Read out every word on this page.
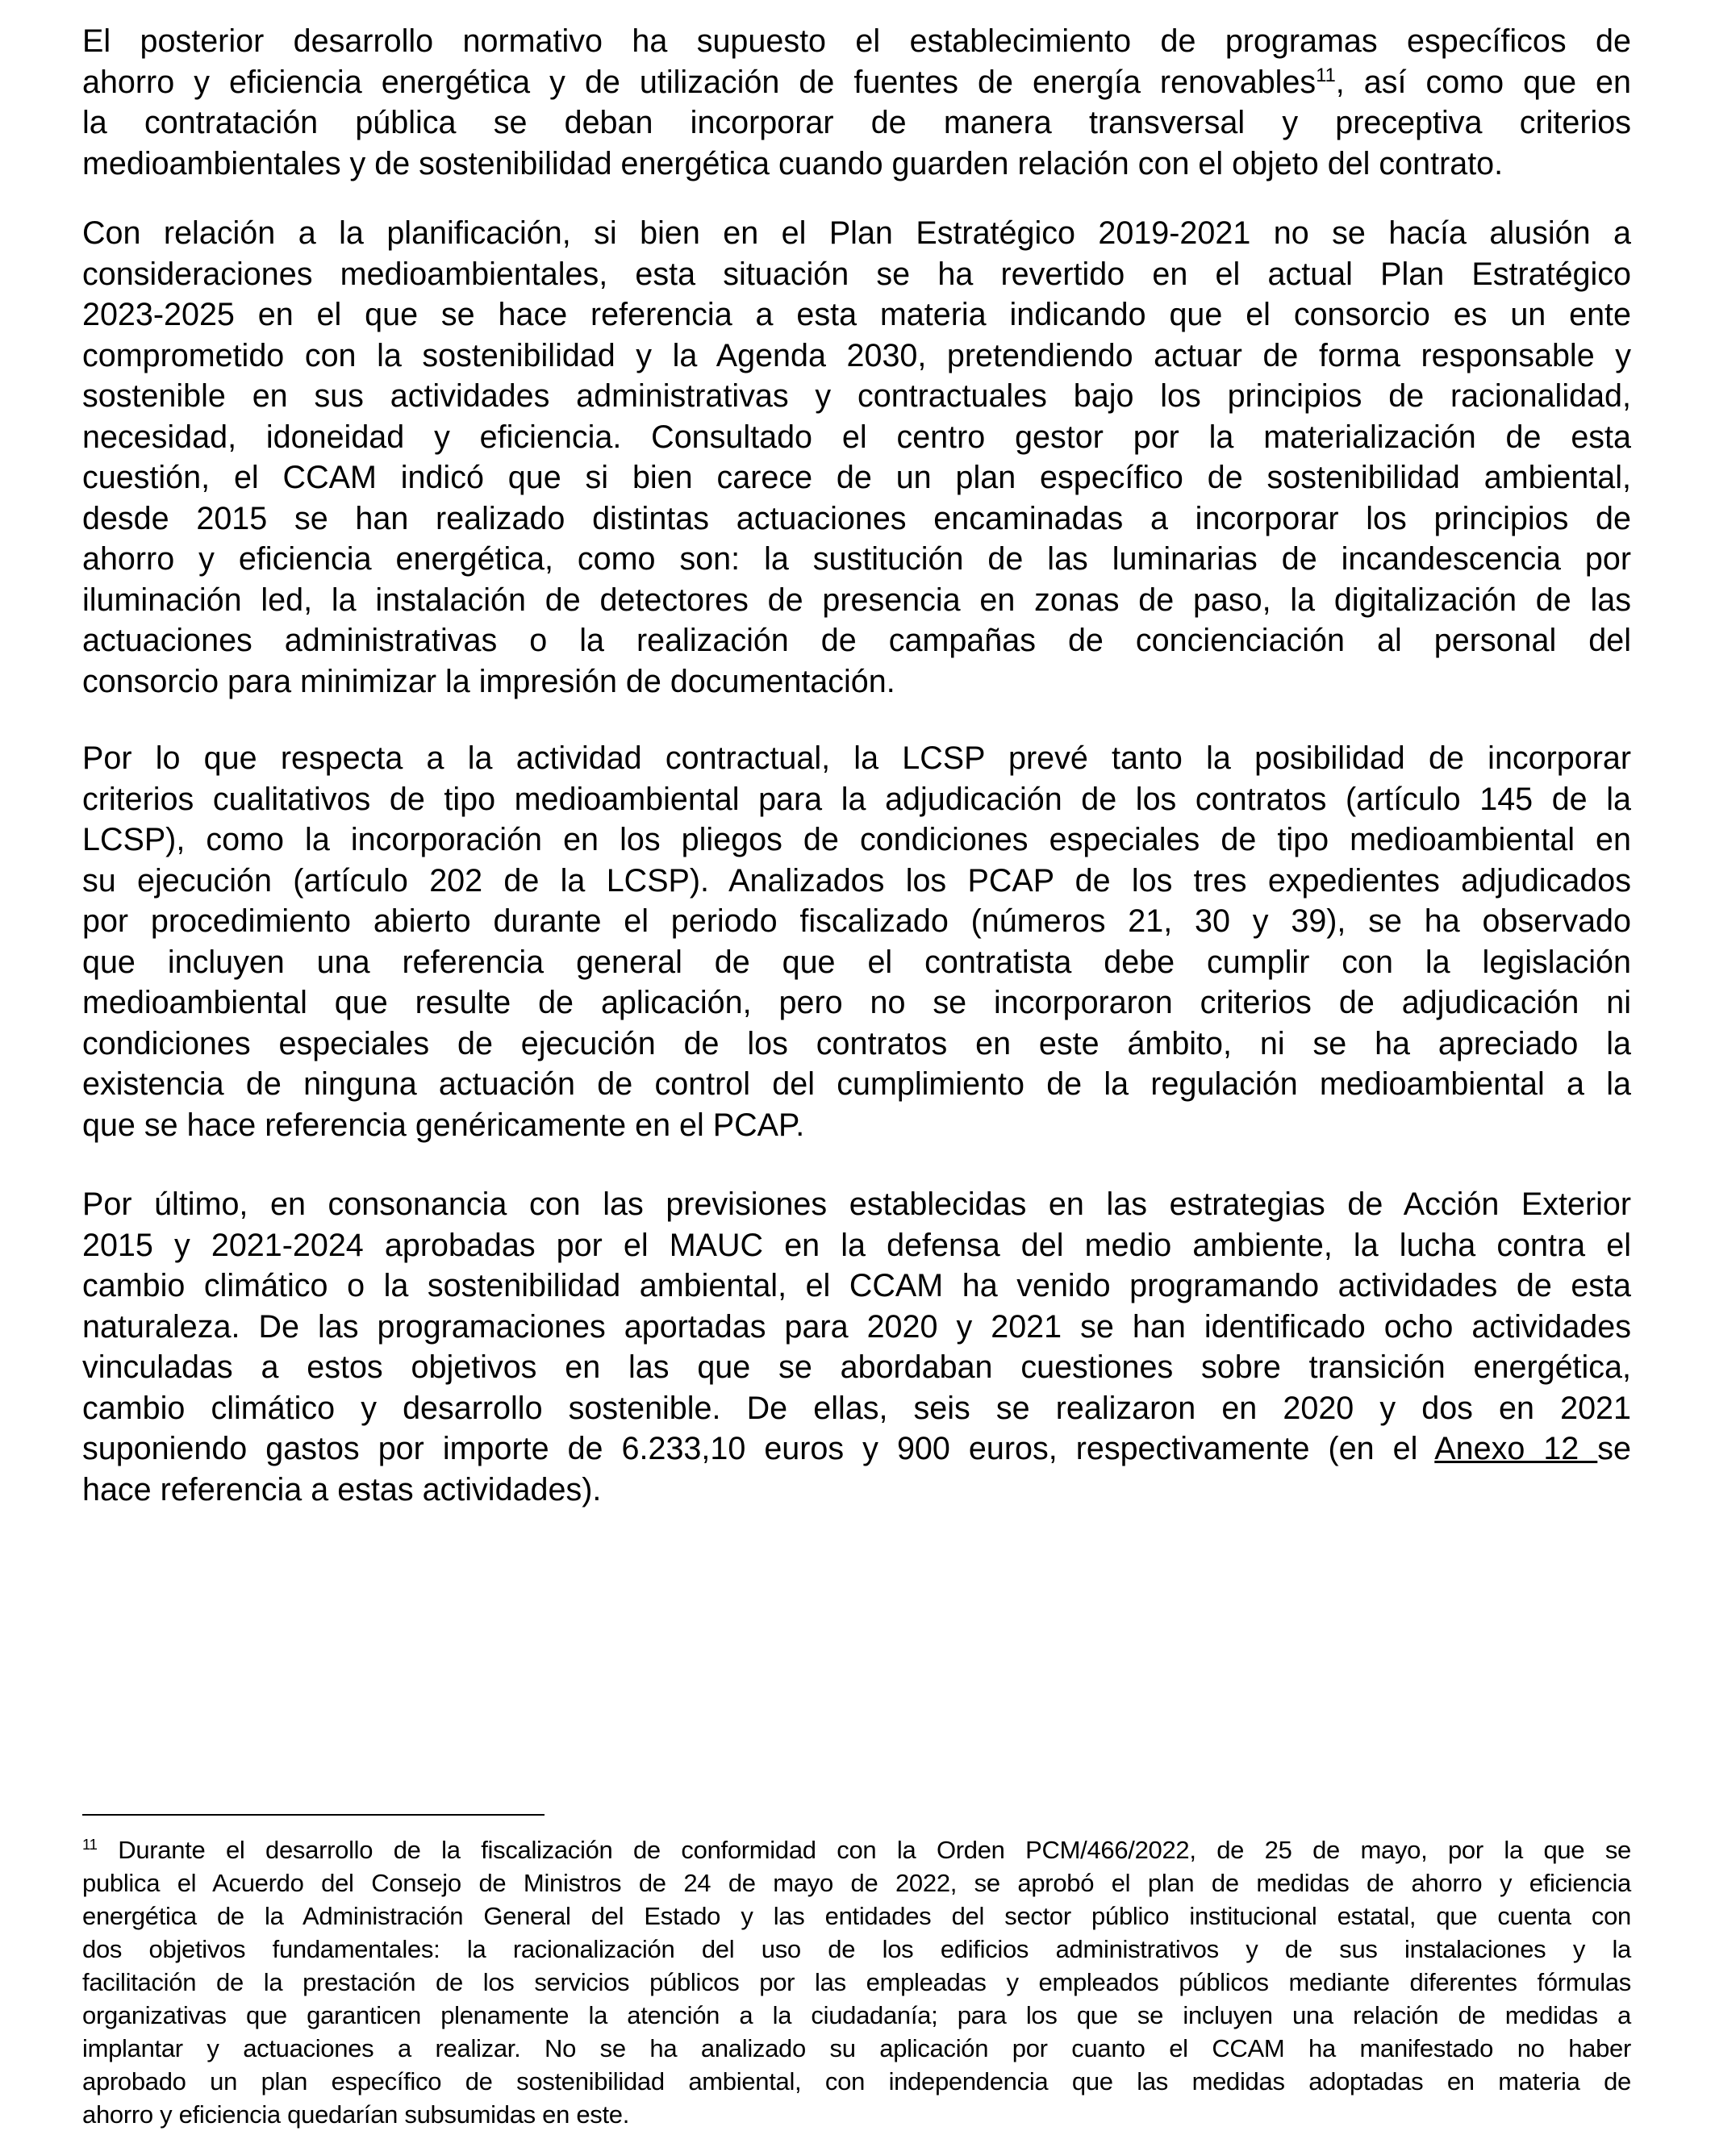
El posterior desarrollo normativo ha supuesto el establecimiento de programas específicos de
ahorro y eficiencia energética y de utilización de fuentes de energía renovables$^{11}$, así como que en
la contratación pública se deban incorporar de manera transversal y preceptiva criterios
medioambientales y de sostenibilidad energética cuando guarden relación con el objeto del contrato.
Con relación a la planificación, si bien en el Plan Estratégico 2019-2021 no se hacía alusión a
consideraciones medioambientales, esta situación se ha revertido en el actual Plan Estratégico
2023-2025 en el que se hace referencia a esta materia indicando que el consorcio es un ente
comprometido con la sostenibilidad y la Agenda 2030, pretendiendo actuar de forma responsable y
sostenible en sus actividades administrativas y contractuales bajo los principios de racionalidad,
necesidad, idoneidad y eficiencia. Consultado el centro gestor por la materialización de esta
cuestión, el CCAM indicó que si bien carece de un plan específico de sostenibilidad ambiental,
desde 2015 se han realizado distintas actuaciones encaminadas a incorporar los principios de
ahorro y eficiencia energética, como son: la sustitución de las luminarias de incandescencia por
iluminación led, la instalación de detectores de presencia en zonas de paso, la digitalización de las
actuaciones administrativas o la realización de campañas de concienciación al personal del
consorcio para minimizar la impresión de documentación.
Por lo que respecta a la actividad contractual, la LCSP prevé tanto la posibilidad de incorporar
criterios cualitativos de tipo medioambiental para la adjudicación de los contratos (artículo 145 de la
LCSP), como la incorporación en los pliegos de condiciones especiales de tipo medioambiental en
su ejecución (artículo 202 de la LCSP). Analizados los PCAP de los tres expedientes adjudicados
por procedimiento abierto durante el periodo fiscalizado (números 21, 30 y 39), se ha observado
que incluyen una referencia general de que el contratista debe cumplir con la legislación
medioambiental que resulte de aplicación, pero no se incorporaron criterios de adjudicación ni
condiciones especiales de ejecución de los contratos en este ámbito, ni se ha apreciado la
existencia de ninguna actuación de control del cumplimiento de la regulación medioambiental a la
que se hace referencia genéricamente en el PCAP.
Por último, en consonancia con las previsiones establecidas en las estrategias de Acción Exterior
2015 y 2021-2024 aprobadas por el MAUC en la defensa del medio ambiente, la lucha contra el
cambio climático o la sostenibilidad ambiental, el CCAM ha venido programando actividades de esta
naturaleza. De las programaciones aportadas para 2020 y 2021 se han identificado ocho actividades
vinculadas a estos objetivos en las que se abordaban cuestiones sobre transición energética,
cambio climático y desarrollo sostenible. De ellas, seis se realizaron en 2020 y dos en 2021
suponiendo gastos por importe de 6.233,10 euros y 900 euros, respectivamente (en el Anexo 12 se
hace referencia a estas actividades).
$^{11}$ Durante el desarrollo de la fiscalización de conformidad con la Orden PCM/466/2022, de 25 de mayo, por la que se
publica el Acuerdo del Consejo de Ministros de 24 de mayo de 2022, se aprobó el plan de medidas de ahorro y eficiencia
energética de la Administración General del Estado y las entidades del sector público institucional estatal, que cuenta con
dos objetivos fundamentales: la racionalización del uso de los edificios administrativos y de sus instalaciones y la
facilitación de la prestación de los servicios públicos por las empleadas y empleados públicos mediante diferentes fórmulas
organizativas que garanticen plenamente la atención a la ciudadanía; para los que se incluyen una relación de medidas a
implantar y actuaciones a realizar. No se ha analizado su aplicación por cuanto el CCAM ha manifestado no haber
aprobado un plan específico de sostenibilidad ambiental, con independencia que las medidas adoptadas en materia de
ahorro y eficiencia quedarían subsumidas en este.
